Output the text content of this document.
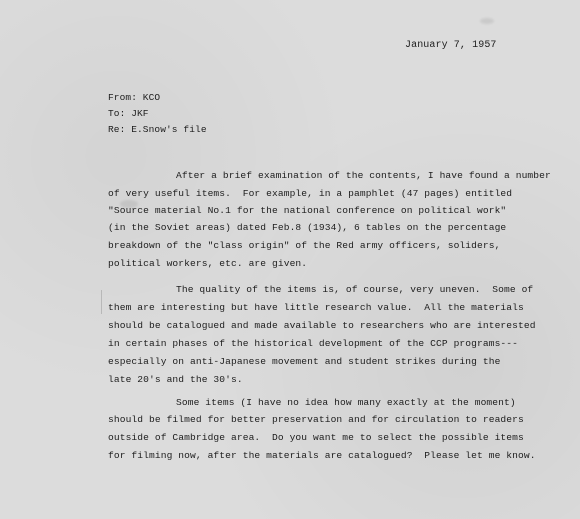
January 7, 1957
From: KCO
To: JKF
Re: E.Snow's file
After a brief examination of the contents, I have found a number
of very useful items.  For example, in a pamphlet (47 pages) entitled
"Source material No.1 for the national conference on political work"
(in the Soviet areas) dated Feb.8 (1934), 6 tables on the percentage
breakdown of the "class origin" of the Red army officers, soliders,
political workers, etc. are given.
The quality of the items is, of course, very uneven.  Some of
them are interesting but have little research value.  All the materials
should be catalogued and made available to researchers who are interested
in certain phases of the historical development of the CCP programs---
especially on anti-Japanese movement and student strikes during the
late 20's and the 30's.
Some items (I have no idea how many exactly at the moment)
should be filmed for better preservation and for circulation to readers
outside of Cambridge area.  Do you want me to select the possible items
for filming now, after the materials are catalogued?  Please let me know.
